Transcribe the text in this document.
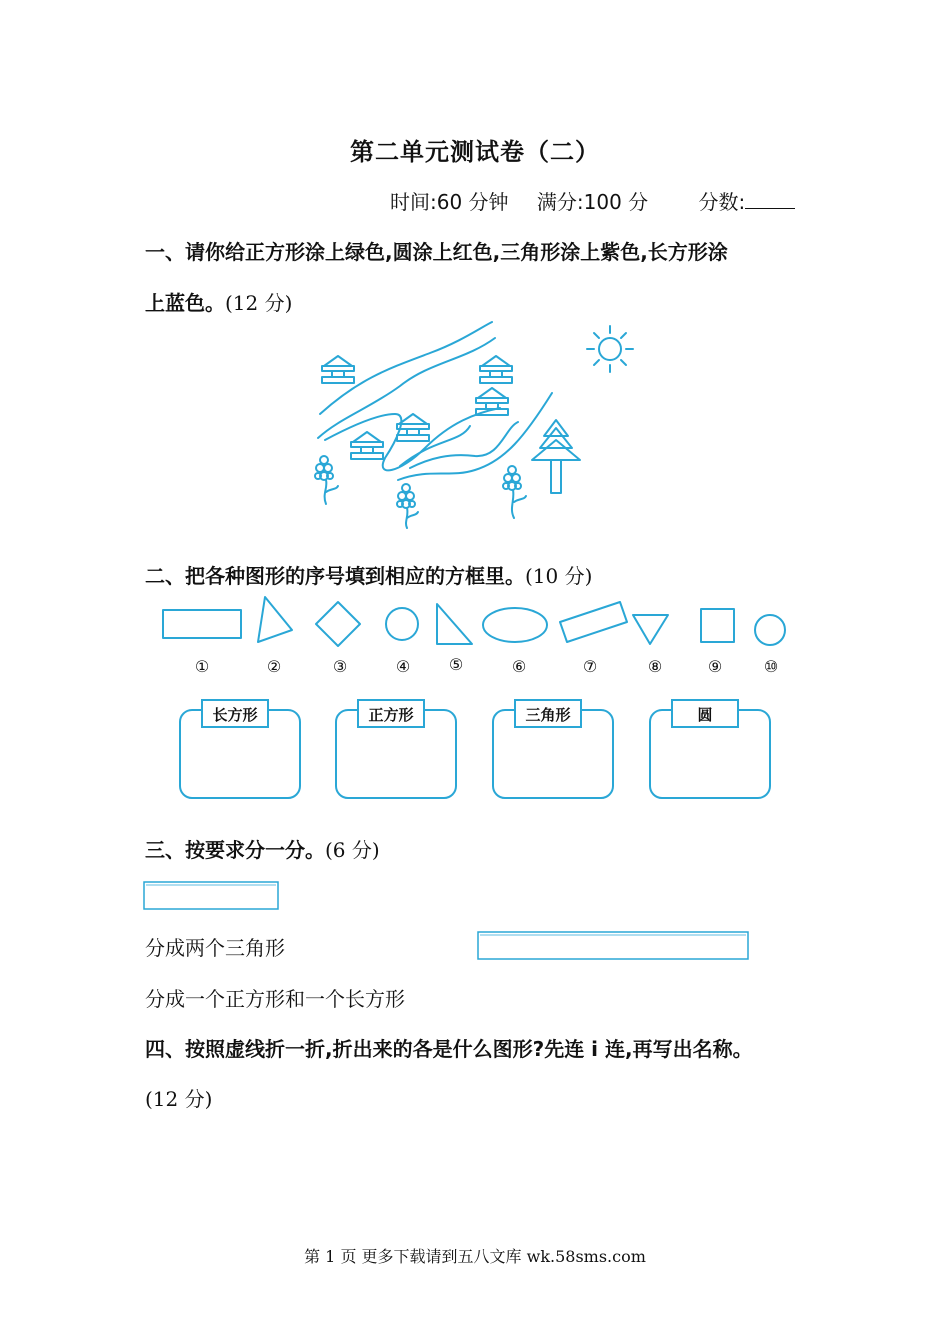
第二单元测试卷（二）
时间:60 分钟 满分:100 分	分数:
一、请你给正方形涂上绿色,圆涂上红色,三角形涂上紫色,长方形涂
上蓝色。(12 分)
二、把各种图形的序号填到相应的方框里。(10 分)
①	②	③	④ ⑤	⑥	⑦	⑧	⑨	⑩
长方形	正方形	三角形	圆
三、按要求分一分。(6 分)
分成两个三角形
分成一个正方形和一个长方形
四、按照虚线折一折,折出来的各是什么图形?先连 i 连,再写出名称。
(12 分)
第 1 页 更多下载请到五八文库 wk.58sms.com
